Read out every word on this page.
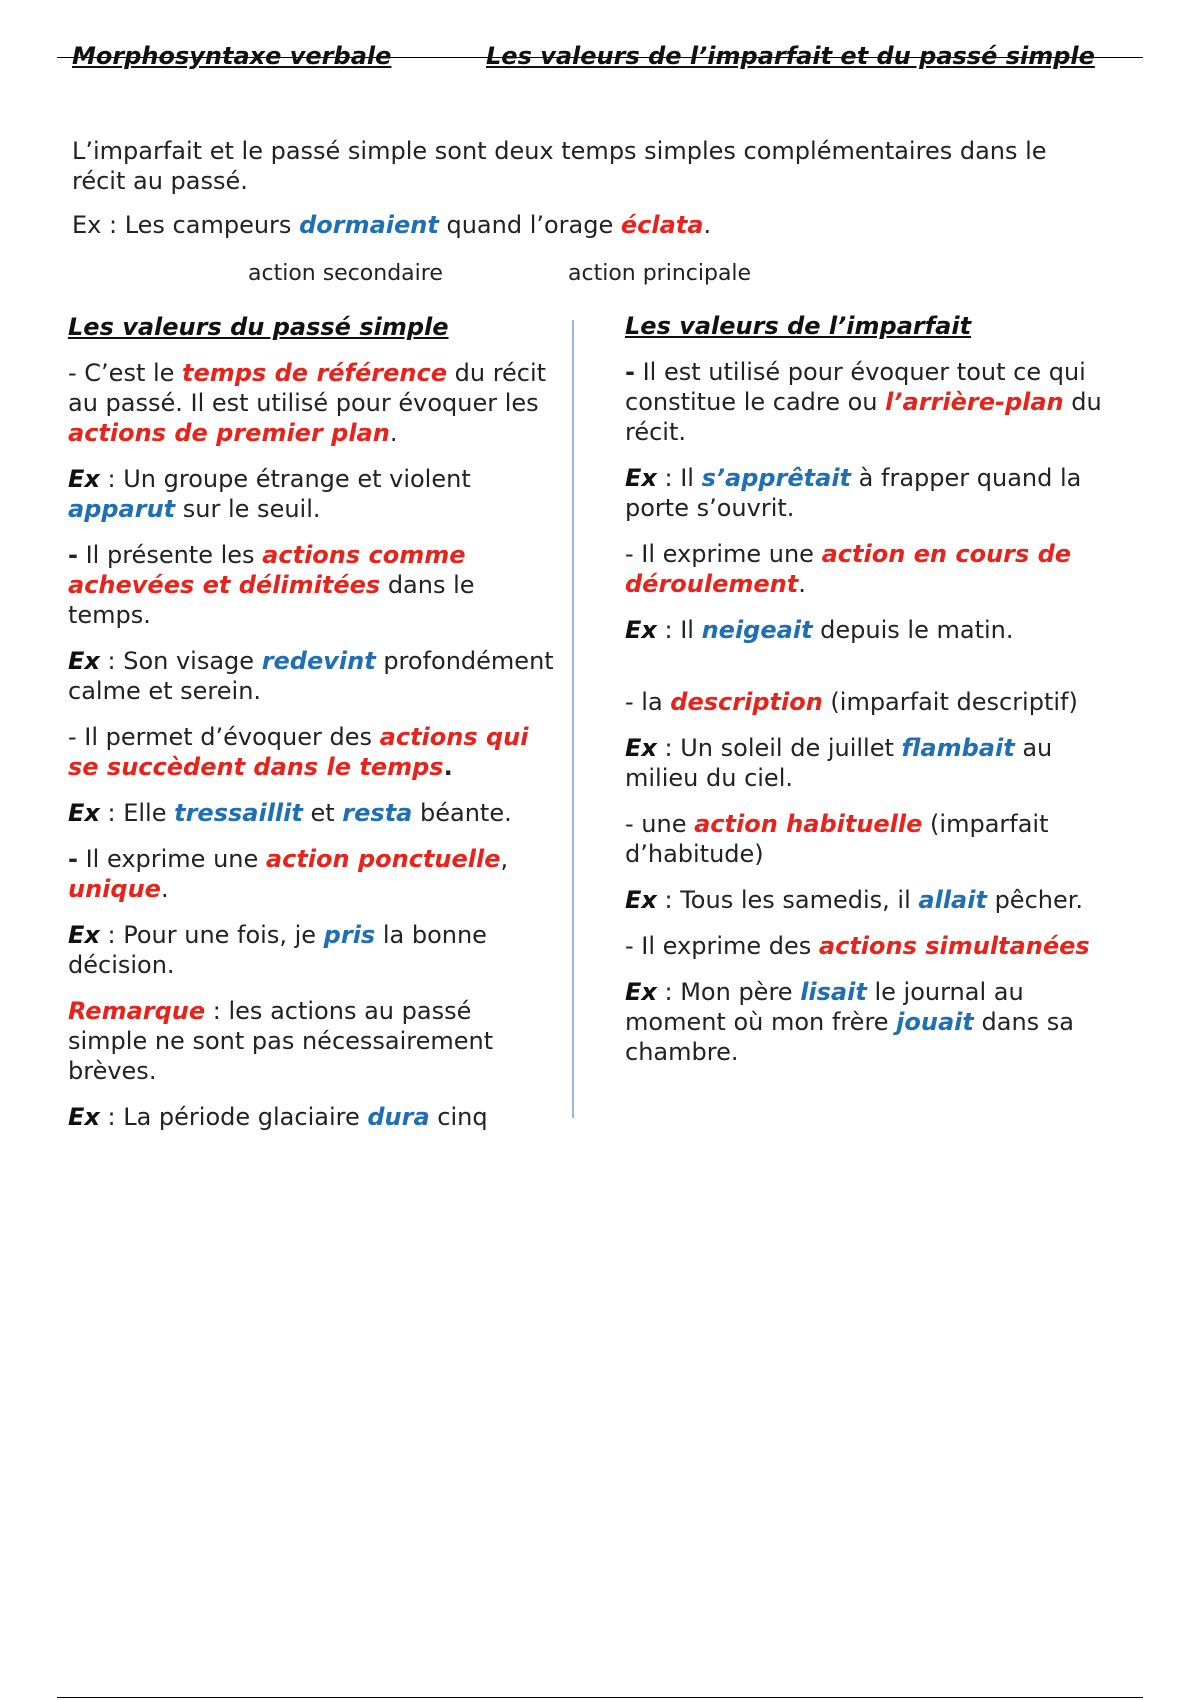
Morphosyntaxe verbale	Les valeurs de l’imparfait et du passé simple

L’imparfait et le passé simple sont deux temps simples complémentaires dans le récit au passé.

Ex : Les campeurs dormaient quand l’orage éclata.

action secondaire	action principale

Les valeurs du passé simple

- C’est le temps de référence du récit au passé. Il est utilisé pour évoquer les actions de premier plan.

Ex : Un groupe étrange et violent apparut sur le seuil.

- Il présente les actions comme achevées et délimitées dans le temps.

Ex : Son visage redevint profondément calme et serein.

- Il permet d’évoquer des actions qui se succèdent dans le temps.

Ex : Elle tressaillit et resta béante.

- Il exprime une action ponctuelle, unique.

Ex : Pour une fois, je pris la bonne décision.

Remarque : les actions au passé simple ne sont pas nécessairement brèves.

Ex : La période glaciaire dura cinq

Les valeurs de l’imparfait

- Il est utilisé pour évoquer tout ce qui constitue le cadre ou l’arrière-plan du récit.

Ex : Il s’apprêtait à frapper quand la porte s’ouvrit.

- Il exprime une action en cours de déroulement.

Ex : Il neigeait depuis le matin.

- la description (imparfait descriptif)

Ex : Un soleil de juillet flambait au milieu du ciel.

- une action habituelle (imparfait d’habitude)

Ex : Tous les samedis, il allait pêcher.

- Il exprime des actions simultanées

Ex : Mon père lisait le journal au moment où mon frère jouait dans sa chambre.
